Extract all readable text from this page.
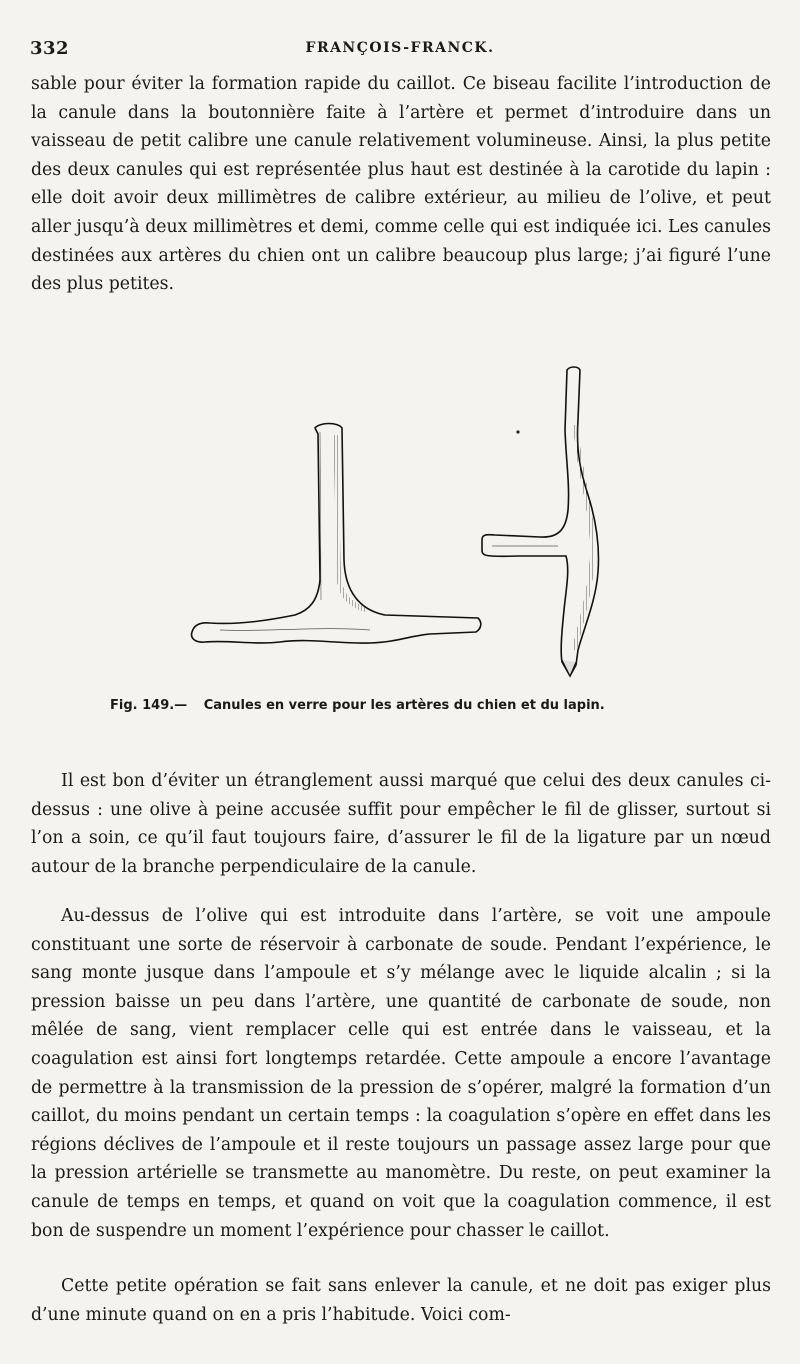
332	FRANÇOIS-FRANCK.

sable pour éviter la formation rapide du caillot. Ce biseau facilite l’introduction de la canule dans la boutonnière faite à l’artère et permet d’introduire dans un vaisseau de petit calibre une canule relativement volumineuse. Ainsi, la plus petite des deux canules qui est représentée plus haut est destinée à la carotide du lapin : elle doit avoir deux millimètres de calibre extérieur, au milieu de l’olive, et peut aller jusqu’à deux millimètres et demi, comme celle qui est indiquée ici. Les canules destinées aux artères du chien ont un calibre beaucoup plus large; j’ai figuré l’une des plus petites.

Fig. 149.— Canules en verre pour les artères du chien et du lapin.

Il est bon d’éviter un étranglement aussi marqué que celui des deux canules ci-dessus : une olive à peine accusée suffit pour empêcher le fil de glisser, surtout si l’on a soin, ce qu’il faut toujours faire, d’assurer le fil de la ligature par un nœud autour de la branche perpendiculaire de la canule.

Au-dessus de l’olive qui est introduite dans l’artère, se voit une ampoule constituant une sorte de réservoir à carbonate de soude. Pendant l’expérience, le sang monte jusque dans l’ampoule et s’y mélange avec le liquide alcalin ; si la pression baisse un peu dans l’artère, une quantité de carbonate de soude, non mêlée de sang, vient remplacer celle qui est entrée dans le vaisseau, et la coagulation est ainsi fort longtemps retardée. Cette ampoule a encore l’avantage de permettre à la transmission de la pression de s’opérer, malgré la formation d’un caillot, du moins pendant un certain temps : la coagulation s’opère en effet dans les régions déclives de l’ampoule et il reste toujours un passage assez large pour que la pression artérielle se transmette au manomètre. Du reste, on peut examiner la canule de temps en temps, et quand on voit que la coagulation commence, il est bon de suspendre un moment l’expérience pour chasser le caillot.

Cette petite opération se fait sans enlever la canule, et ne doit pas exiger plus d’une minute quand on en a pris l’habitude. Voici com-
